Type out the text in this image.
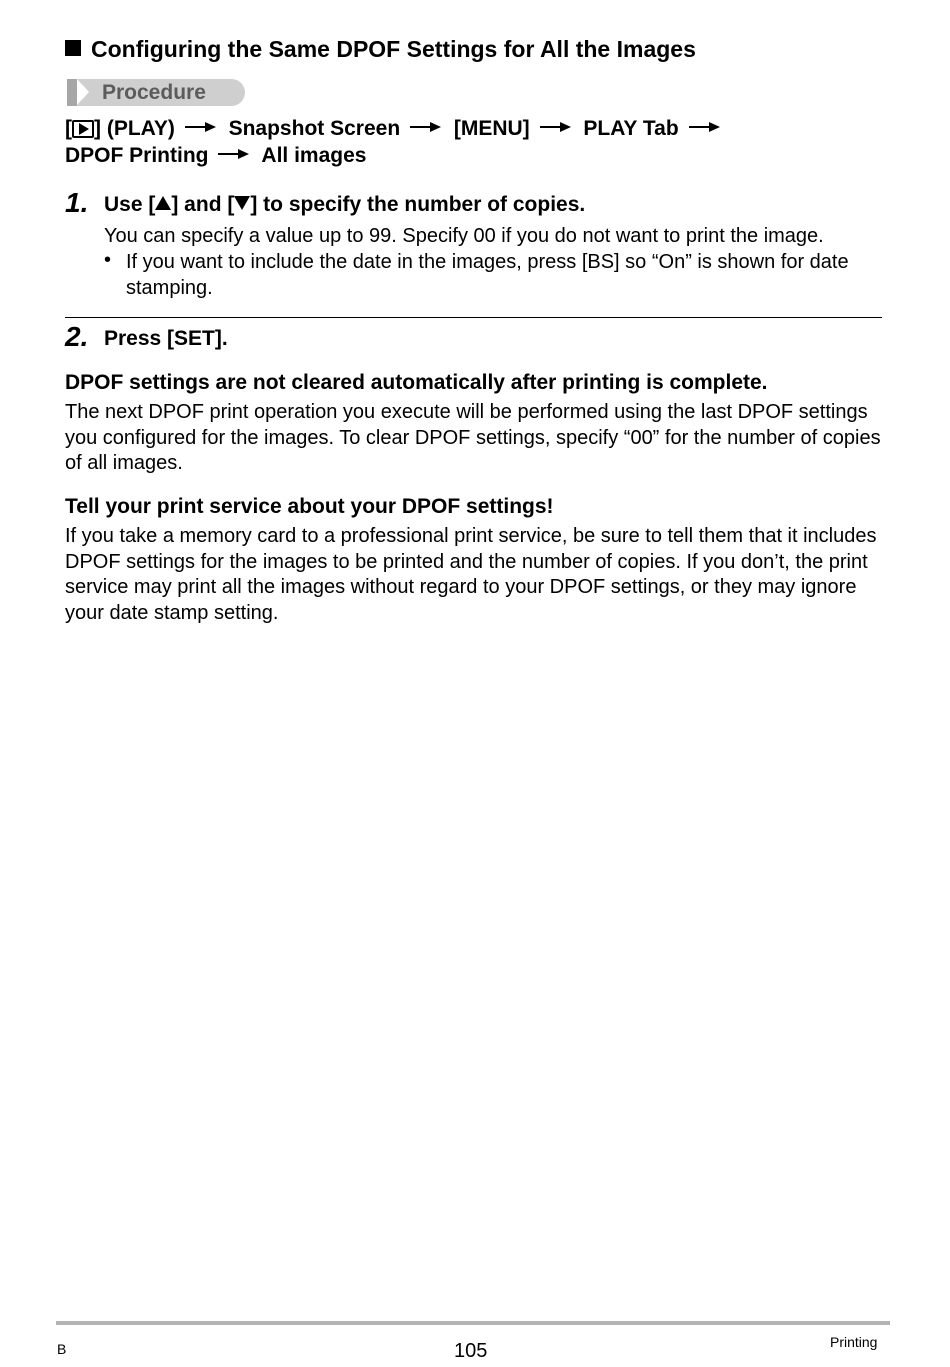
Configuring the Same DPOF Settings for All the Images
Procedure
[ ] (PLAY)	Snapshot Screen	[MENU]	PLAY Tab
DPOF Printing	All images
1. Use [ ] and [ ] to specify the number of copies.
You can specify a value up to 99. Specify 00 if you do not want to print the image.
• If you want to include the date in the images, press [BS] so “On” is shown for date stamping.
2. Press [SET].
DPOF settings are not cleared automatically after printing is complete.
The next DPOF print operation you execute will be performed using the last DPOF settings you configured for the images. To clear DPOF settings, specify “00” for the number of copies of all images.
Tell your print service about your DPOF settings!
If you take a memory card to a professional print service, be sure to tell them that it includes DPOF settings for the images to be printed and the number of copies. If you don’t, the print service may print all the images without regard to your DPOF settings, or they may ignore your date stamp setting.
B	105	Printing
